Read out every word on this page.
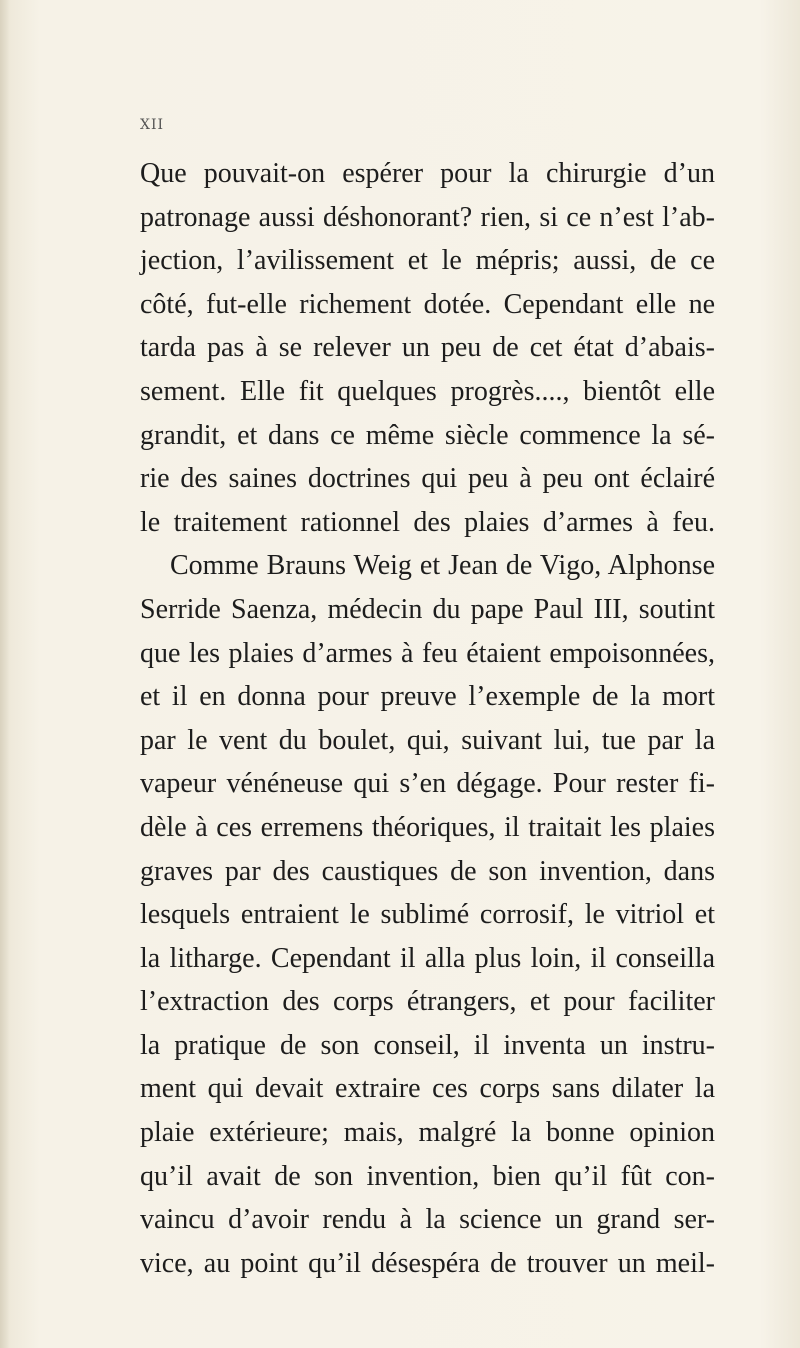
XII
Que pouvait-on espérer pour la chirurgie d’un
patronage aussi déshonorant? rien, si ce n’est l’ab-
jection, l’avilissement et le mépris; aussi, de ce
côté, fut-elle richement dotée. Cependant elle ne
tarda pas à se relever un peu de cet état d’abais-
sement. Elle fit quelques progrès...., bientôt elle
grandit, et dans ce même siècle commence la sé-
rie des saines doctrines qui peu à peu ont éclairé
le traitement rationnel des plaies d’armes à feu.
Comme Brauns Weig et Jean de Vigo, Alphonse
Serride Saenza, médecin du pape Paul III, soutint
que les plaies d’armes à feu étaient empoisonnées,
et il en donna pour preuve l’exemple de la mort
par le vent du boulet, qui, suivant lui, tue par la
vapeur vénéneuse qui s’en dégage. Pour rester fi-
dèle à ces erremens théoriques, il traitait les plaies
graves par des caustiques de son invention, dans
lesquels entraient le sublimé corrosif, le vitriol et
la litharge. Cependant il alla plus loin, il conseilla
l’extraction des corps étrangers, et pour faciliter
la pratique de son conseil, il inventa un instru-
ment qui devait extraire ces corps sans dilater la
plaie extérieure; mais, malgré la bonne opinion
qu’il avait de son invention, bien qu’il fût con-
vaincu d’avoir rendu à la science un grand ser-
vice, au point qu’il désespéra de trouver un meil-
